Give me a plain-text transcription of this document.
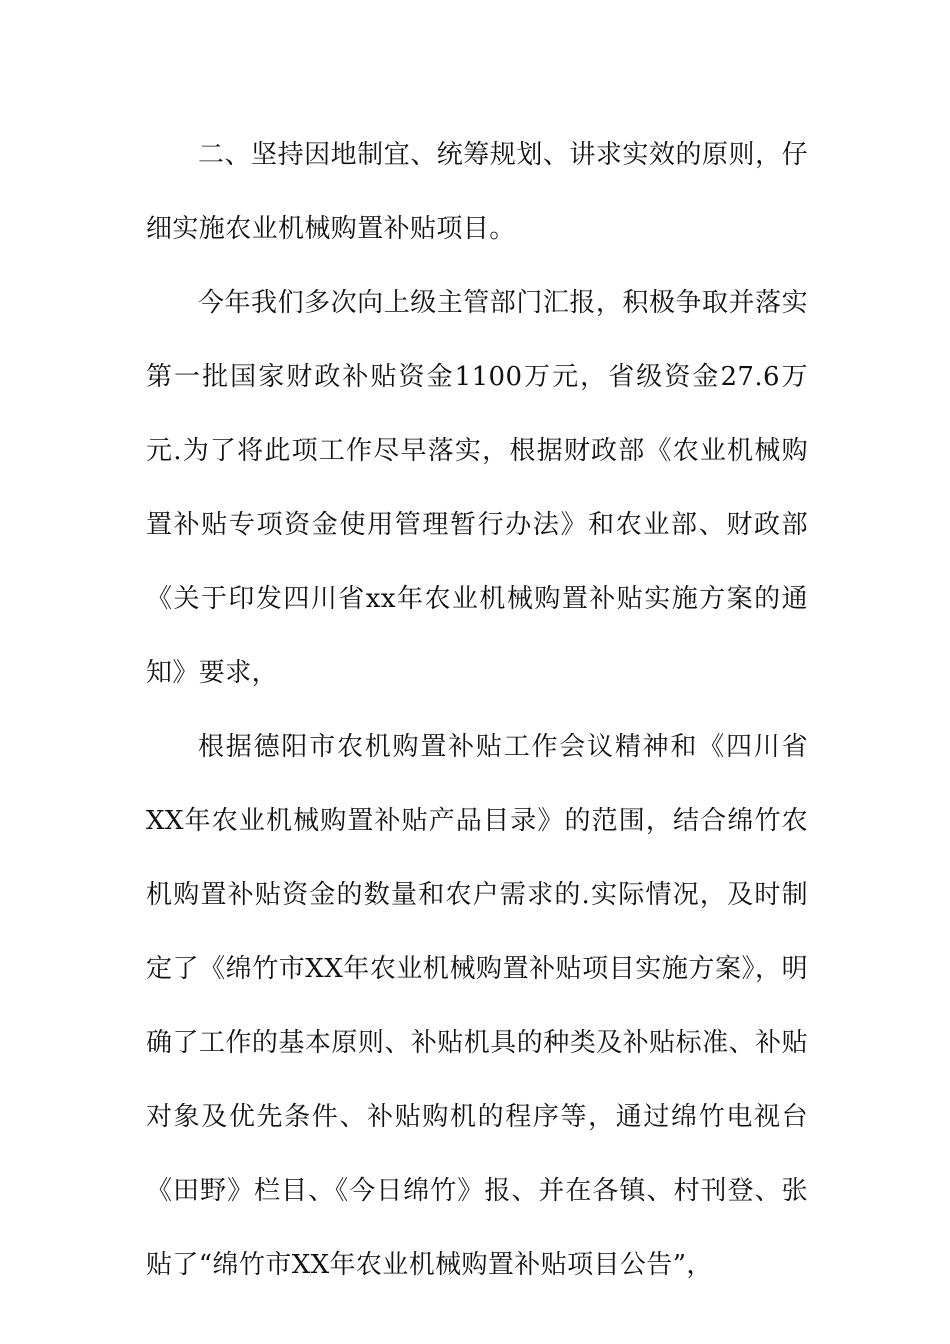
二、坚持因地制宜、统筹规划、讲求实效的原则，仔细实施农业机械购置补贴项目。

今年我们多次向上级主管部门汇报，积极争取并落实第一批国家财政补贴资金1100万元，省级资金27.6万元.为了将此项工作尽早落实，根据财政部《农业机械购置补贴专项资金使用管理暂行办法》和农业部、财政部《关于印发四川省xx年农业机械购置补贴实施方案的通知》要求，

根据德阳市农机购置补贴工作会议精神和《四川省XX年农业机械购置补贴产品目录》的范围，结合绵竹农机购置补贴资金的数量和农户需求的.实际情况，及时制定了《绵竹市XX年农业机械购置补贴项目实施方案》，明确了工作的基本原则、补贴机具的种类及补贴标准、补贴对象及优先条件、补贴购机的程序等，通过绵竹电视台《田野》栏目、《今日绵竹》报、并在各镇、村刊登、张贴了“绵竹市XX年农业机械购置补贴项目公告”，
